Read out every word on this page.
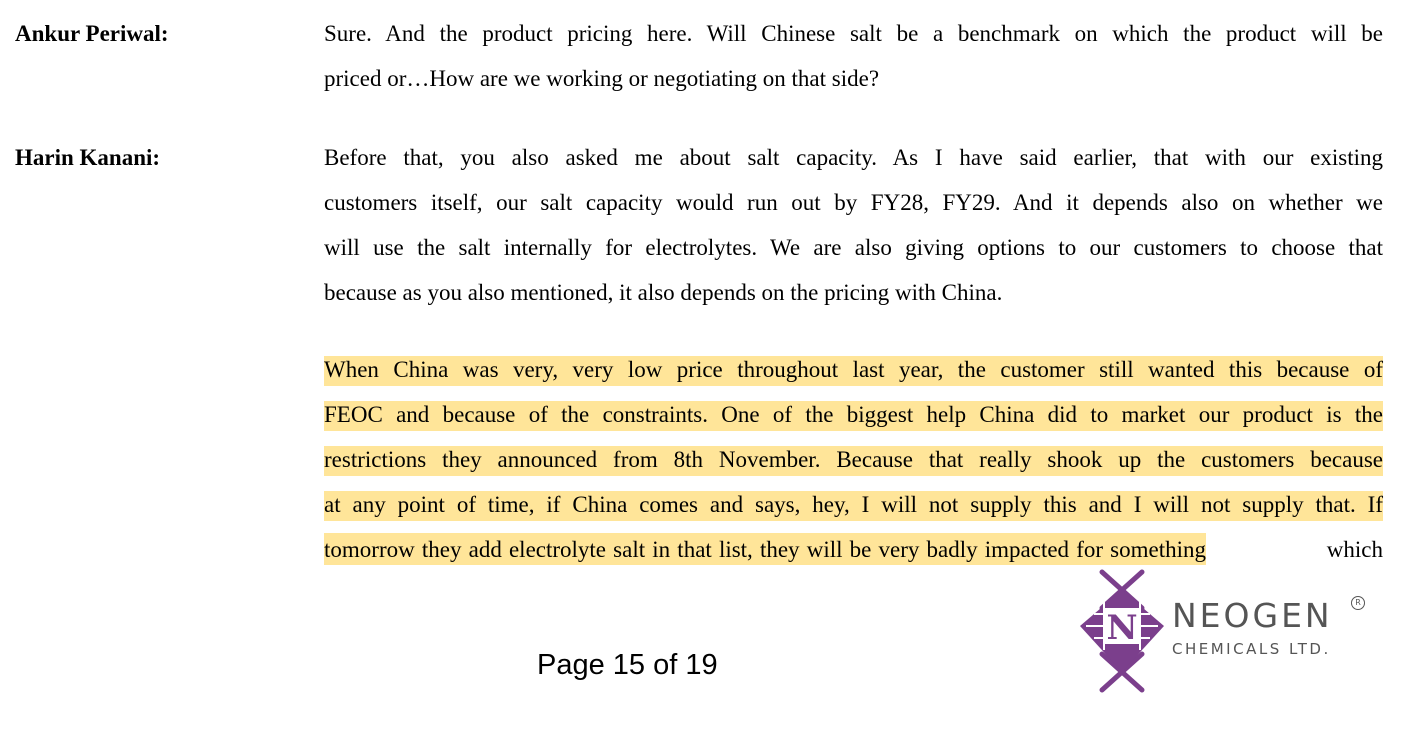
Ankur Periwal:	Sure. And the product pricing here. Will Chinese salt be a benchmark on which the product will be
priced or…How are we working or negotiating on that side?
Harin Kanani:	Before that, you also asked me about salt capacity. As I have said earlier, that with our existing
customers itself, our salt capacity would run out by FY28, FY29. And it depends also on whether we
will use the salt internally for electrolytes. We are also giving options to our customers to choose that
because as you also mentioned, it also depends on the pricing with China.
When China was very, very low price throughout last year, the customer still wanted this because of
FEOC and because of the constraints. One of the biggest help China did to market our product is the
restrictions they announced from 8th November. Because that really shook up the customers because
at any point of time, if China comes and says, hey, I will not supply this and I will not supply that. If
tomorrow they add electrolyte salt in that list, they will be very badly impacted for something	which
Page 15 of 19
N NEOGEN	R
CHEMICALS LTD.
